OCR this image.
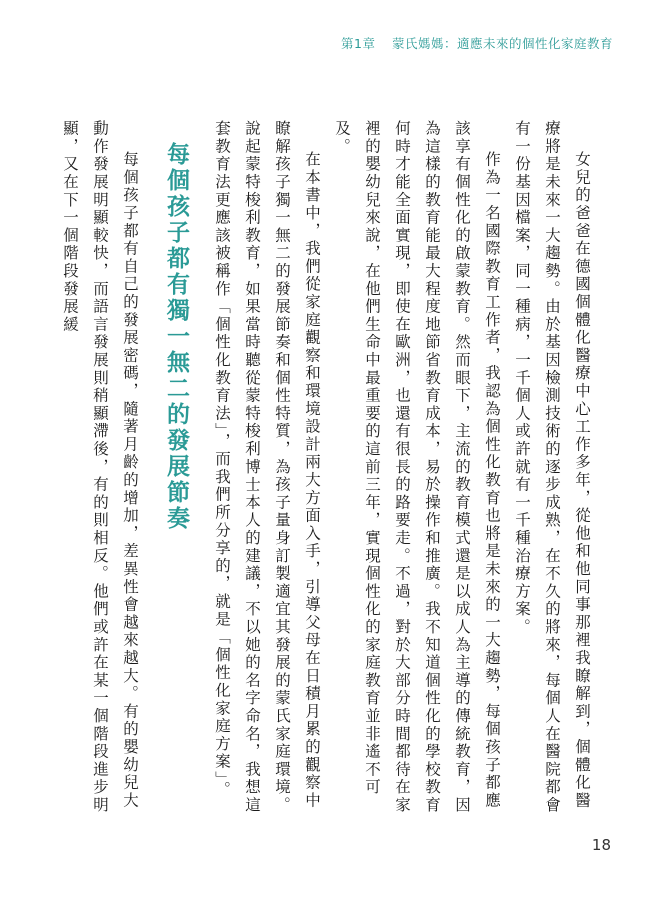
第1章 蒙氏媽媽：適應未來的個性化家庭教育

女兒的爸爸在德國個體化醫療中心工作多年，從他和他同事那裡我瞭解到，個體化醫療將是未來一大趨勢。由於基因檢測技術的逐步成熟，在不久的將來，每個人在醫院都會有一份基因檔案，同一種病，一千個人或許就有一千種治療方案。

作為一名國際教育工作者，我認為個性化教育也將是未來的一大趨勢，每個孩子都應該享有個性化的啟蒙教育。然而眼下，主流的教育模式還是以成人為主導的傳統教育，因為這樣的教育能最大程度地節省教育成本，易於操作和推廣。我不知道個性化的學校教育何時才能全面實現，即使在歐洲，也還有很長的路要走。不過，對於大部分時間都待在家裡的嬰幼兒來說，在他們生命中最重要的這前三年，實現個性化的家庭教育並非遙不可及。

在本書中，我們從家庭觀察和環境設計兩大方面入手，引導父母在日積月累的觀察中瞭解孩子獨一無二的發展節奏和個性特質，為孩子量身訂製適宜其發展的蒙氏家庭環境。說起蒙特梭利教育，如果當時聽從蒙特梭利博士本人的建議，不以她的名字命名，我想這套教育法更應該被稱作「個性化教育法」，而我們所分享的，就是「個性化家庭方案」。

每個孩子都有獨一無二的發展節奏

每個孩子都有自己的發展密碼，隨著月齡的增加，差異性會越來越大。有的嬰幼兒大動作發展明顯較快，而語言發展則稍顯滯後，有的則相反。他們或許在某一個階段進步明顯，又在下一個階段發展緩

18
